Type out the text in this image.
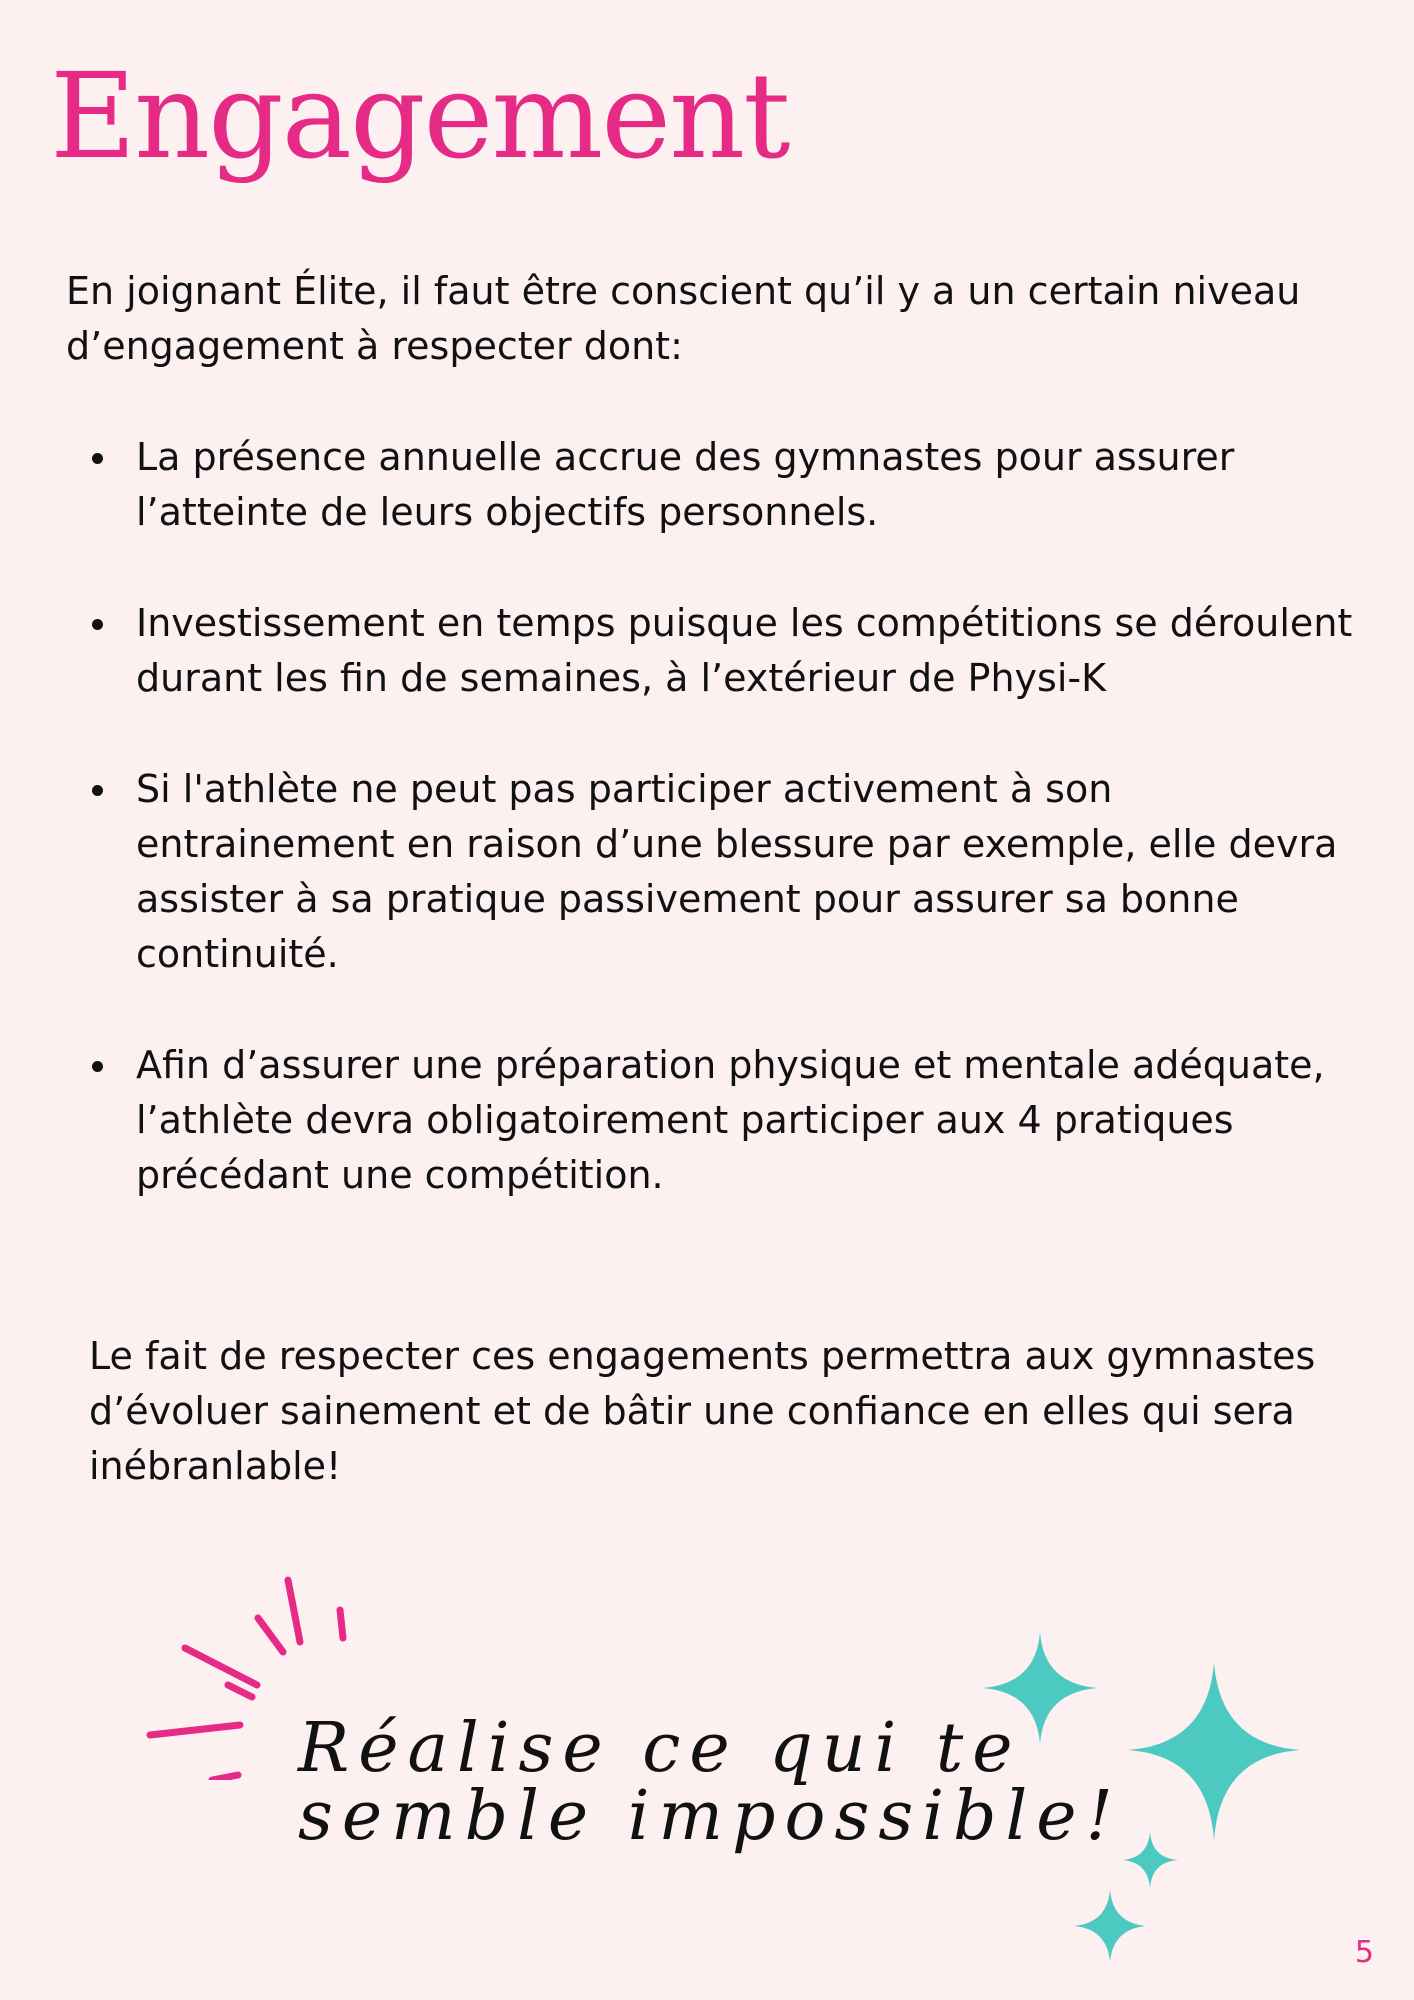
Engagement

En joignant Élite, il faut être conscient qu’il y a un certain niveau d’engagement à respecter dont:

La présence annuelle accrue des gymnastes pour assurer l’atteinte de leurs objectifs personnels.
Investissement en temps puisque les compétitions se déroulent durant les fin de semaines, à l’extérieur de Physi-K
Si l'athlète ne peut pas participer activement à son entrainement en raison d’une blessure par exemple, elle devra assister à sa pratique passivement pour assurer sa bonne continuité.
Afin d’assurer une préparation physique et mentale adéquate, l’athlète devra obligatoirement participer aux 4 pratiques précédant une compétition.

Le fait de respecter ces engagements permettra aux gymnastes d’évoluer sainement et de bâtir une confiance en elles qui sera inébranlable!

Réalise ce qui te
semble impossible!
5
